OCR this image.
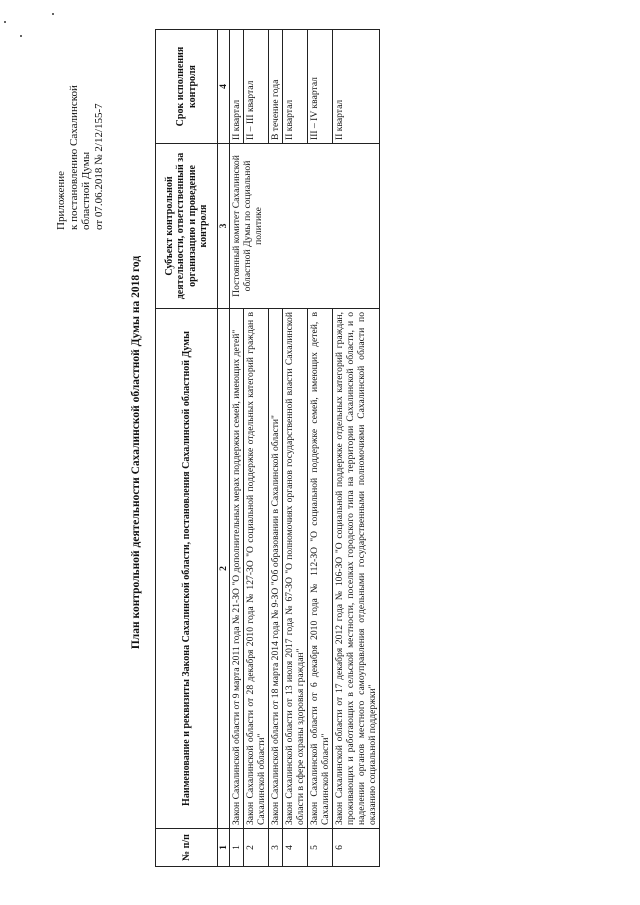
Приложение к постановлению Сахалинской областной Думы от 07.06.2018 № 2/12/155-7
План контрольной деятельности Сахалинской областной Думы на 2018 год
№ п/п	Наименование и реквизиты Закона Сахалинской области, постановления Сахалинской областной Думы	Субъект контрольной деятельности, ответственный за организацию и проведение контроля	Срок исполнения контроля
1	2	3	4
1	Закон Сахалинской области от 9 марта 2011 года № 21-ЗО "О дополнительных мерах поддержки семей, имеющих детей"	Постоянный комитет Сахалинской областной Думы по социальной политике	II квартал
2	Закон Сахалинской области от 28 декабря 2010 года № 127-ЗО "О социальной поддержке отдельных категорий граждан в Сахалинской области"		II – III квартал
3	Закон Сахалинской области от 18 марта 2014 года № 9-ЗО "Об образовании в Сахалинской области"		В течение года
4	Закон Сахалинской области от 13 июля 2017 года № 67-ЗО "О полномочиях органов государственной власти Сахалинской области в сфере охраны здоровья граждан"		II квартал
5	Закон Сахалинской области от 6 декабря 2010 года № 112-ЗО "О социальной поддержке семей, имеющих детей, в Сахалинской области"		III – IV квартал
6	Закон Сахалинской области от 17 декабря 2012 года № 106-ЗО "О социальной поддержке отдельных категорий граждан, проживающих и работающих в сельской местности, поселках городского типа на территории Сахалинской области, и о наделении органов местного самоуправления отдельными государственными полномочиями Сахалинской области по оказанию социальной поддержки"		II квартал
